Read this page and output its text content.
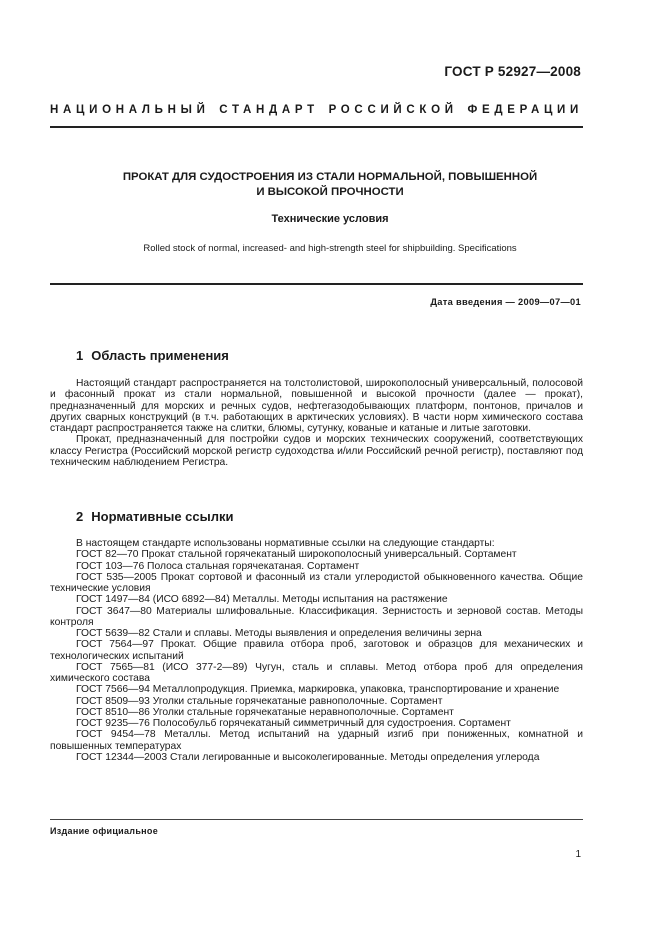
ГОСТ Р 52927—2008
НАЦИОНАЛЬНЫЙ СТАНДАРТ РОССИЙСКОЙ ФЕДЕРАЦИИ
ПРОКАТ ДЛЯ СУДОСТРОЕНИЯ ИЗ СТАЛИ НОРМАЛЬНОЙ, ПОВЫШЕННОЙ
И ВЫСОКОЙ ПРОЧНОСТИ
Технические условия
Rolled stock of normal, increased- and high-strength steel for shipbuilding. Specifications
Дата введения — 2009—07—01
1 Область применения

Настоящий стандарт распространяется на толстолистовой, широкополосный универсальный, полосовой и фасонный прокат из стали нормальной, повышенной и высокой прочности (далее — прокат), предназначенный для морских и речных судов, нефтегазодобывающих платформ, понтонов, причалов и других сварных конструкций (в т.ч. работающих в арктических условиях). В части норм химического состава стандарт распространяется также на слитки, блюмы, сутунку, кованые и катаные и литые заготовки.

Прокат, предназначенный для постройки судов и морских технических сооружений, соответствующих классу Регистра (Российский морской регистр судоходства и/или Российский речной регистр), поставляют под техническим наблюдением Регистра.

2 Нормативные ссылки

В настоящем стандарте использованы нормативные ссылки на следующие стандарты:

ГОСТ 82—70 Прокат стальной горячекатаный широкополосный универсальный. Сортамент

ГОСТ 103—76 Полоса стальная горячекатаная. Сортамент

ГОСТ 535—2005 Прокат сортовой и фасонный из стали углеродистой обыкновенного качества. Общие технические условия

ГОСТ 1497—84 (ИСО 6892—84) Металлы. Методы испытания на растяжение

ГОСТ 3647—80 Материалы шлифовальные. Классификация. Зернистость и зерновой состав. Методы контроля

ГОСТ 5639—82 Стали и сплавы. Методы выявления и определения величины зерна

ГОСТ 7564—97 Прокат. Общие правила отбора проб, заготовок и образцов для механических и технологических испытаний

ГОСТ 7565—81 (ИСО 377-2—89) Чугун, сталь и сплавы. Метод отбора проб для определения химического состава

ГОСТ 7566—94 Металлопродукция. Приемка, маркировка, упаковка, транспортирование и хранение

ГОСТ 8509—93 Уголки стальные горячекатаные равнополочные. Сортамент

ГОСТ 8510—86 Уголки стальные горячекатаные неравнополочные. Сортамент

ГОСТ 9235—76 Полособульб горячекатаный симметричный для судостроения. Сортамент

ГОСТ 9454—78 Металлы. Метод испытаний на ударный изгиб при пониженных, комнатной и повышенных температурах

ГОСТ 12344—2003 Стали легированные и высоколегированные. Методы определения углерода

Издание официальное
1
